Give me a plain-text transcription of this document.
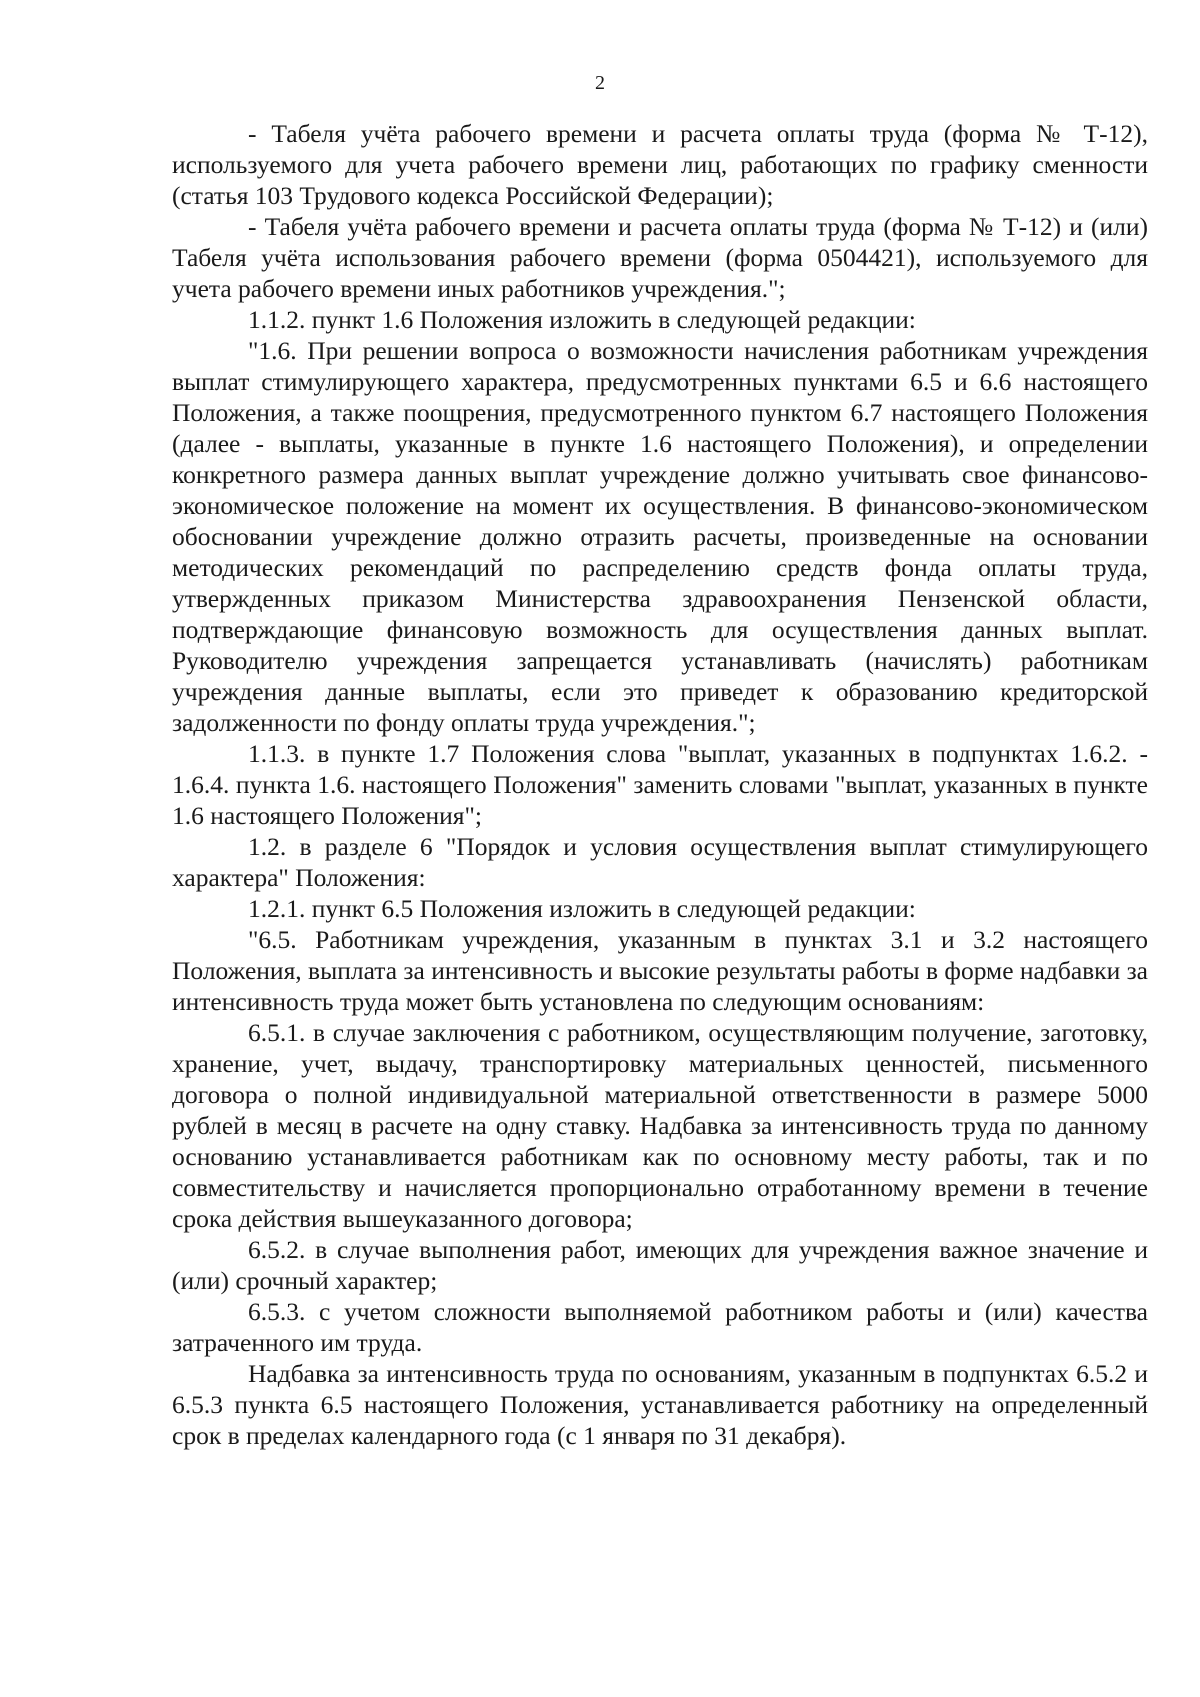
2

- Табеля учёта рабочего времени и расчета оплаты труда (форма № Т-12), используемого для учета рабочего времени лиц, работающих по графику сменности (статья 103 Трудового кодекса Российской Федерации);

- Табеля учёта рабочего времени и расчета оплаты труда (форма № Т-12) и (или) Табеля учёта использования рабочего времени (форма 0504421), используемого для учета рабочего времени иных работников учреждения.";

1.1.2. пункт 1.6 Положения изложить в следующей редакции:

"1.6. При решении вопроса о возможности начисления работникам учреждения выплат стимулирующего характера, предусмотренных пунктами 6.5 и 6.6 настоящего Положения, а также поощрения, предусмотренного пунктом 6.7 настоящего Положения (далее - выплаты, указанные в пункте 1.6 настоящего Положения), и определении конкретного размера данных выплат учреждение должно учитывать свое финансово-экономическое положение на момент их осуществления. В финансово-экономическом обосновании учреждение должно отразить расчеты, произведенные на основании методических рекомендаций по распределению средств фонда оплаты труда, утвержденных приказом Министерства здравоохранения Пензенской области, подтверждающие финансовую возможность для осуществления данных выплат. Руководителю учреждения запрещается устанавливать (начислять) работникам учреждения данные выплаты, если это приведет к образованию кредиторской задолженности по фонду оплаты труда учреждения.";

1.1.3. в пункте 1.7 Положения слова "выплат, указанных в подпунктах 1.6.2. - 1.6.4. пункта 1.6. настоящего Положения" заменить словами "выплат, указанных в пункте 1.6 настоящего Положения";

1.2. в разделе 6 "Порядок и условия осуществления выплат стимулирующего характера" Положения:

1.2.1. пункт 6.5 Положения изложить в следующей редакции:

"6.5. Работникам учреждения, указанным в пунктах 3.1 и 3.2 настоящего Положения, выплата за интенсивность и высокие результаты работы в форме надбавки за интенсивность труда может быть установлена по следующим основаниям:

6.5.1. в случае заключения с работником, осуществляющим получение, заготовку, хранение, учет, выдачу, транспортировку материальных ценностей, письменного договора о полной индивидуальной материальной ответственности в размере 5000 рублей в месяц в расчете на одну ставку. Надбавка за интенсивность труда по данному основанию устанавливается работникам как по основному месту работы, так и по совместительству и начисляется пропорционально отработанному времени в течение срока действия вышеуказанного договора;

6.5.2. в случае выполнения работ, имеющих для учреждения важное значение и (или) срочный характер;

6.5.3. с учетом сложности выполняемой работником работы и (или) качества затраченного им труда.

Надбавка за интенсивность труда по основаниям, указанным в подпунктах 6.5.2 и 6.5.3 пункта 6.5 настоящего Положения, устанавливается работнику на определенный срок в пределах календарного года (с 1 января по 31 декабря).
